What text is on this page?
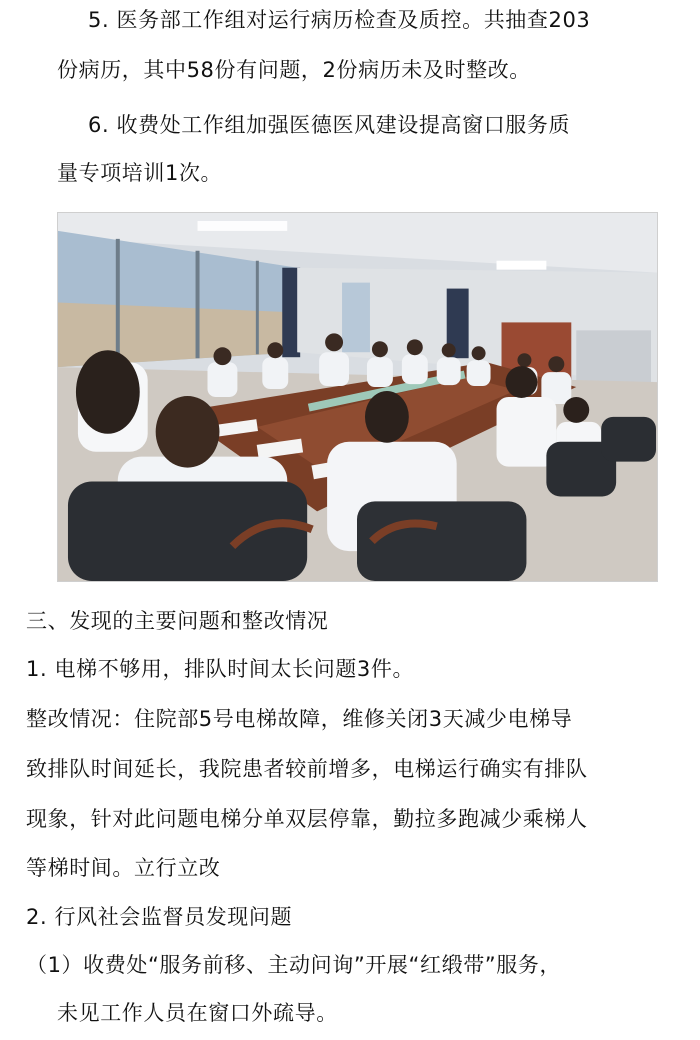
5. 医务部工作组对运行病历检查及质控。共抽查203
份病历，其中58份有问题，2份病历未及时整改。
6. 收费处工作组加强医德医风建设提高窗口服务质
量专项培训1次。
三、发现的主要问题和整改情况
1. 电梯不够用，排队时间太长问题3件。
整改情况：住院部5号电梯故障，维修关闭3天减少电梯导
致排队时间延长，我院患者较前增多，电梯运行确实有排队
现象，针对此问题电梯分单双层停靠，勤拉多跑减少乘梯人
等梯时间。立行立改
2. 行风社会监督员发现问题
（1）收费处“服务前移、主动问询”开展“红缎带”服务，
未见工作人员在窗口外疏导。
